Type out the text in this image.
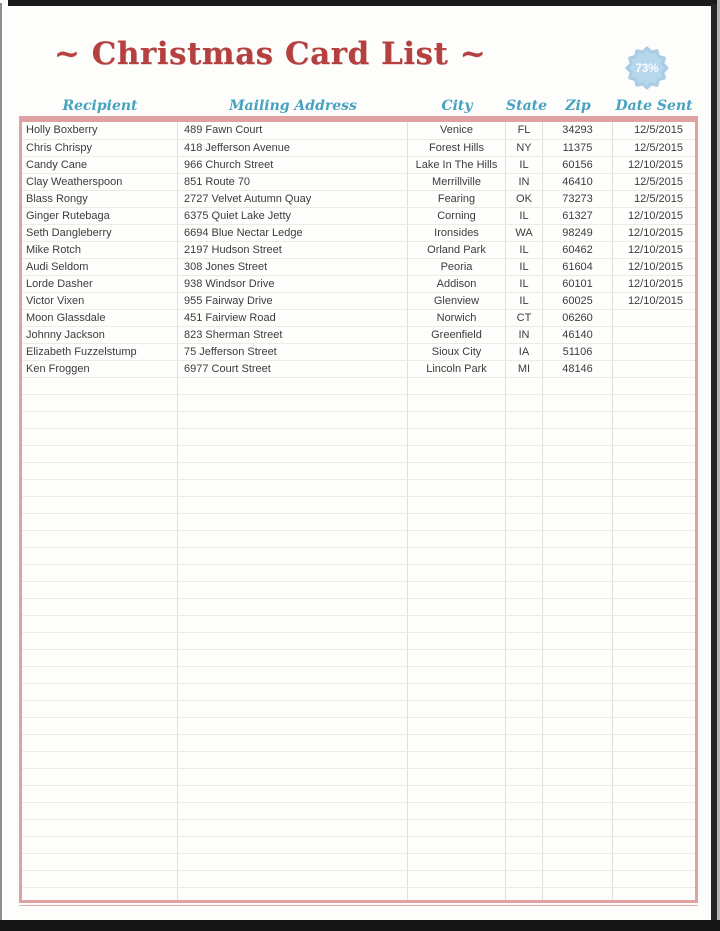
~ Christmas Card List ~	73%
Recipient	Mailing Address	City	State	Zip	Date Sent
Holly Boxberry	489 Fawn Court	Venice	FL	34293	12/5/2015
Chris Chrispy	418 Jefferson Avenue	Forest Hills	NY	11375	12/5/2015
Candy Cane	966 Church Street	Lake In The Hills	IL	60156	12/10/2015
Clay Weatherspoon	851 Route 70	Merrillville	IN	46410	12/5/2015
Blass Rongy	2727 Velvet Autumn Quay	Fearing	OK	73273	12/5/2015
Ginger Rutebaga	6375 Quiet Lake Jetty	Corning	IL	61327	12/10/2015
Seth Dangleberry	6694 Blue Nectar Ledge	Ironsides	WA	98249	12/10/2015
Mike Rotch	2197 Hudson Street	Orland Park	IL	60462	12/10/2015
Audi Seldom	308 Jones Street	Peoria	IL	61604	12/10/2015
Lorde Dasher	938 Windsor Drive	Addison	IL	60101	12/10/2015
Victor Vixen	955 Fairway Drive	Glenview	IL	60025	12/10/2015
Moon Glassdale	451 Fairview Road	Norwich	CT	06260
Johnny Jackson	823 Sherman Street	Greenfield	IN	46140
Elizabeth Fuzzelstump	75 Jefferson Street	Sioux City	IA	51106
Ken Froggen	6977 Court Street	Lincoln Park	MI	48146
